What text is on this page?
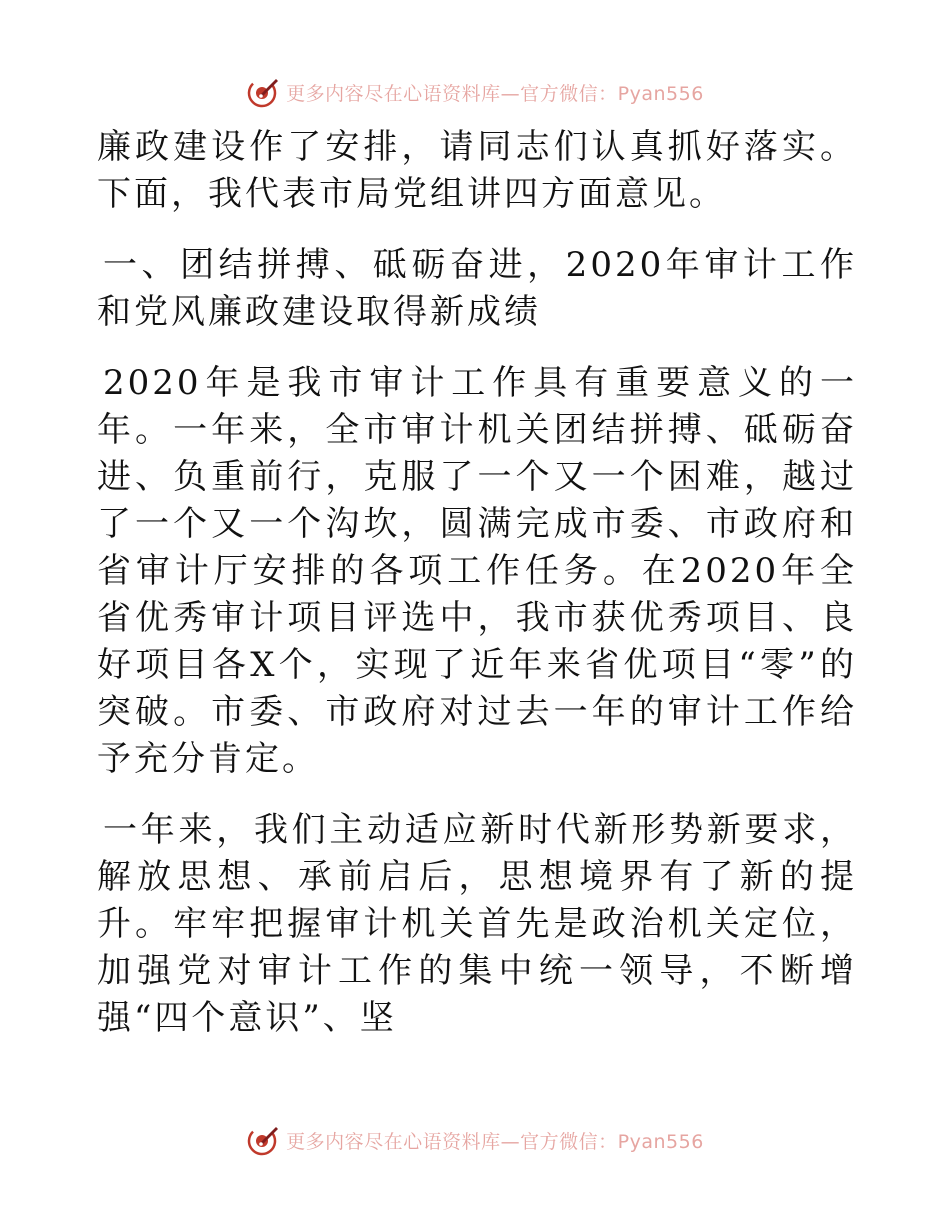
更多内容尽在心语资料库—官方微信：Pyan556

廉政建设作了安排，请同志们认真抓好落实。下面，我代表市局党组讲四方面意见。

一、团结拼搏、砥砺奋进，2020年审计工作和党风廉政建设取得新成绩

2020年是我市审计工作具有重要意义的一年。一年来，全市审计机关团结拼搏、砥砺奋进、负重前行，克服了一个又一个困难，越过了一个又一个沟坎，圆满完成市委、市政府和省审计厅安排的各项工作任务。在2020年全省优秀审计项目评选中，我市获优秀项目、良好项目各X个，实现了近年来省优项目“零”的突破。市委、市政府对过去一年的审计工作给予充分肯定。

一年来，我们主动适应新时代新形势新要求，解放思想、承前启后，思想境界有了新的提升。牢牢把握审计机关首先是政治机关定位，加强党对审计工作的集中统一领导，不断增强“四个意识”、坚

更多内容尽在心语资料库—官方微信：Pyan556
